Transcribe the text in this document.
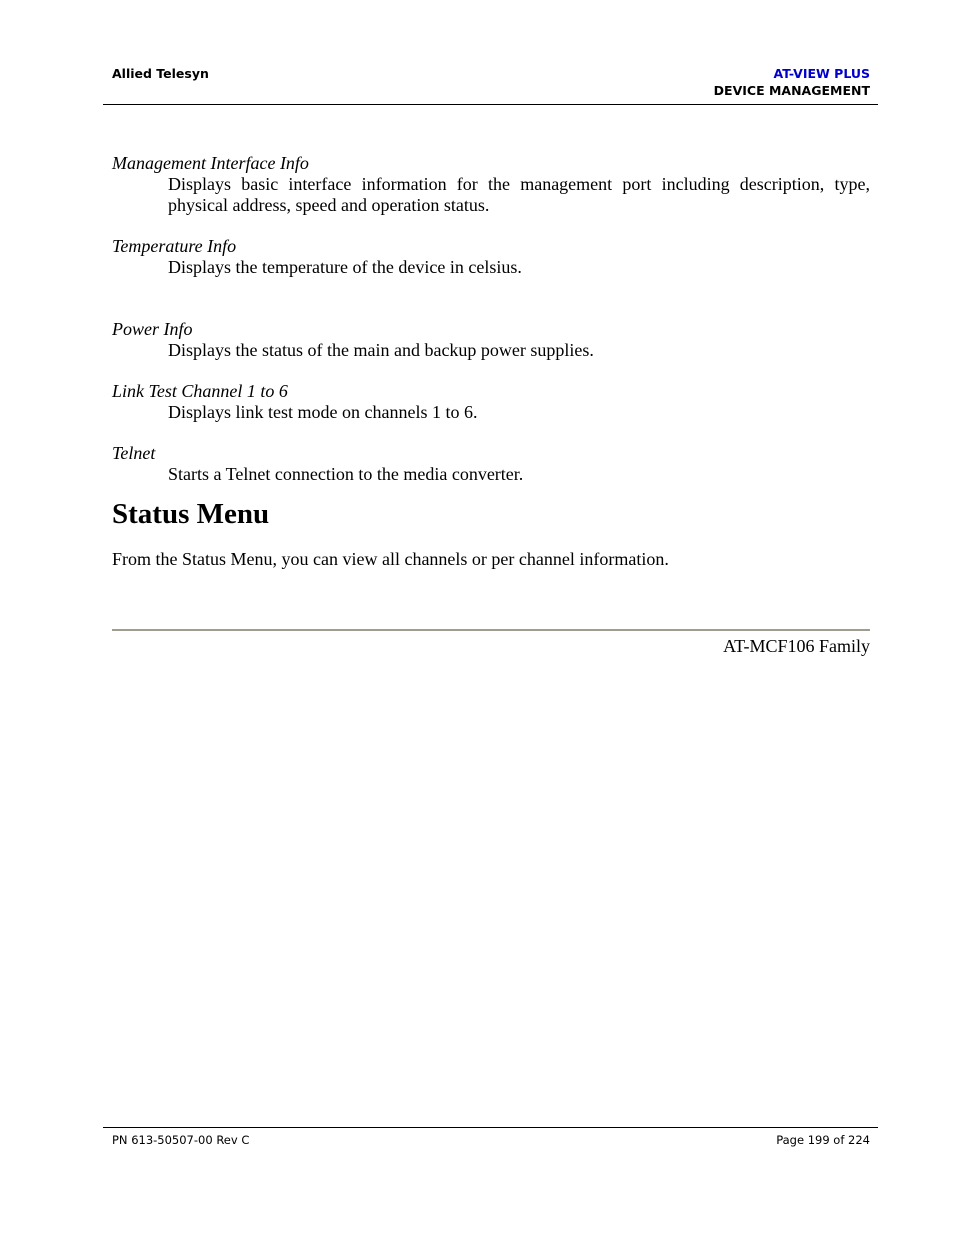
Allied Telesyn	AT-VIEW PLUS
DEVICE MANAGEMENT
Management Interface Info
Displays basic interface information for the management port including description, type, physical address, speed and operation status.
Temperature Info
Displays the temperature of the device in celsius.
Power Info
Displays the status of the main and backup power supplies.
Link Test Channel 1 to 6
Displays link test mode on channels 1 to 6.
Telnet
Starts a Telnet connection to the media converter.
Status Menu
From the Status Menu, you can view all channels or per channel information.
AT-MCF106 Family
PN 613-50507-00 Rev C	Page 199 of 224
